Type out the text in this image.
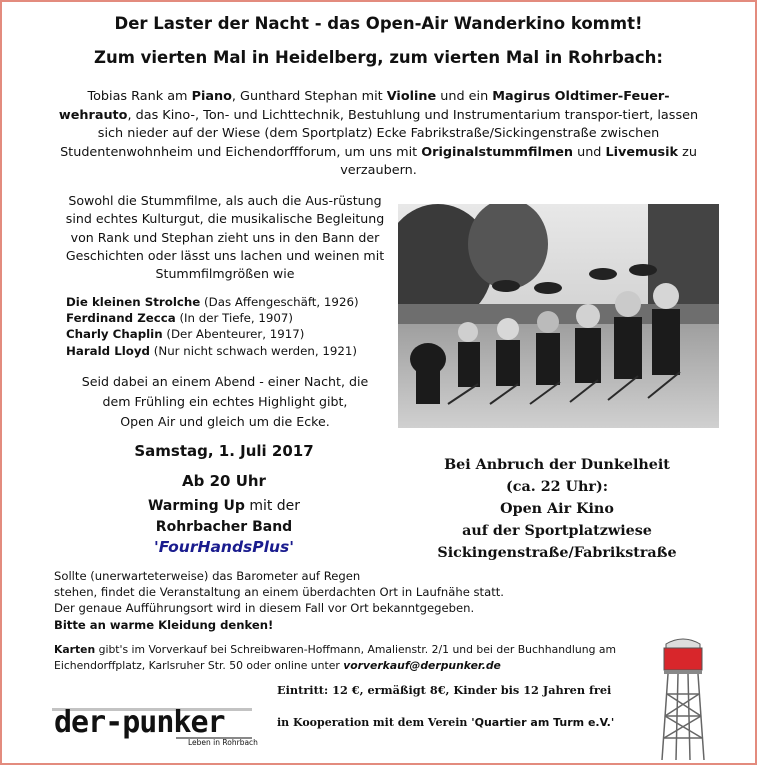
Der Laster der Nacht - das Open-Air Wanderkino kommt!
Zum vierten Mal in Heidelberg, zum vierten Mal in Rohrbach:
Tobias Rank am Piano, Gunthard Stephan mit Violine und ein Magirus Oldtimer-Feuer-wehrauto, das Kino-, Ton- und Lichttechnik, Bestuhlung und Instrumentarium transpor-tiert, lassen sich nieder auf der Wiese (dem Sportplatz) Ecke Fabrikstraße/Sickingenstraße zwischen Studentenwohnheim und Eichendorffforum, um uns mit Originalstummfilmen und Livemusik zu verzaubern.
Sowohl die Stummfilme, als auch die Aus-rüstung sind echtes Kulturgut, die musikalische Begleitung von Rank und Stephan zieht uns in den Bann der Geschichten oder lässt uns lachen und weinen mit Stummfilmgrößen wie
Die kleinen Strolche (Das Affengeschäft, 1926)
Ferdinand Zecca (In der Tiefe, 1907)
Charly Chaplin (Der Abenteurer, 1917)
Harald Lloyd (Nur nicht schwach werden, 1921)
Seid dabei an einem Abend - einer Nacht, die
dem Frühling ein echtes Highlight gibt,
Open Air und gleich um die Ecke.
Samstag, 1. Juli 2017
Ab 20 Uhr
Warming Up mit der
Rohrbacher Band
'FourHandsPlus'
Bei Anbruch der Dunkelheit
(ca. 22 Uhr):
Open Air Kino
auf der Sportplatzwiese
Sickingenstraße/Fabrikstraße
Sollte (unerwarteterweise) das Barometer auf Regen
stehen, findet die Veranstaltung an einem überdachten Ort in Laufnähe statt.
Der genaue Aufführungsort wird in diesem Fall vor Ort bekanntgegeben.
Bitte an warme Kleidung denken!
Karten gibt's im Vorverkauf bei Schreibwaren-Hoffmann, Amalienstr. 2/1 und bei der Buchhandlung am Eichendorffplatz, Karlsruher Str. 50 oder online unter vorverkauf@derpunker.de
Eintritt: 12 €, ermäßigt 8€, Kinder bis 12 Jahren frei
in Kooperation mit dem Verein 'Quartier am Turm e.V.'
der-punker
Leben in Rohrbach
